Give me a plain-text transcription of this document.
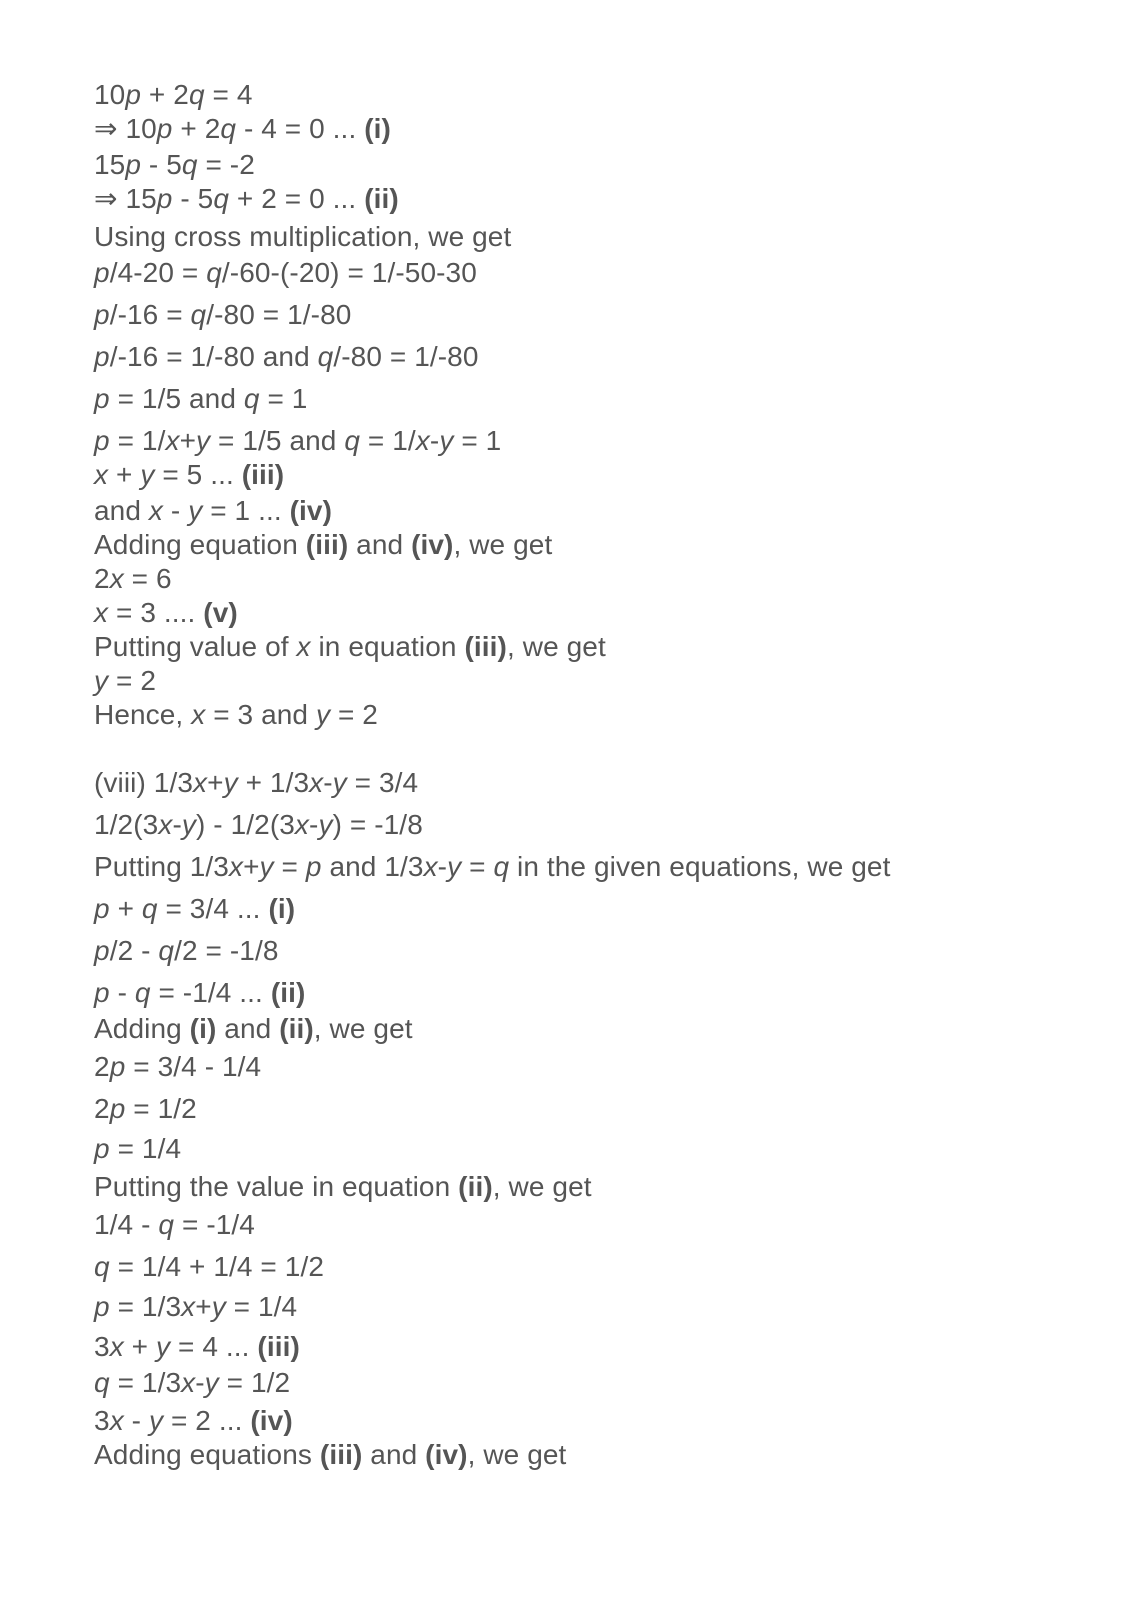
10p + 2q = 4
⇒ 10p + 2q - 4 = 0 ... (i)
15p - 5q = -2
⇒ 15p - 5q + 2 = 0 ... (ii)
Using cross multiplication, we get
p/4-20 = q/-60-(-20) = 1/-50-30
p/-16 = q/-80 = 1/-80
p/-16 = 1/-80 and q/-80 = 1/-80
p = 1/5 and q = 1
p = 1/x+y = 1/5 and q = 1/x-y = 1
x + y = 5 ... (iii)
and x - y = 1 ... (iv)
Adding equation (iii) and (iv), we get
2x = 6
x = 3 .... (v)
Putting value of x in equation (iii), we get
y = 2
Hence, x = 3 and y = 2
(viii) 1/3x+y + 1/3x-y = 3/4
1/2(3x-y) - 1/2(3x-y) = -1/8
Putting 1/3x+y = p and 1/3x-y = q in the given equations, we get
p + q = 3/4 ... (i)
p/2 - q/2 = -1/8
p - q = -1/4 ... (ii)
Adding (i) and (ii), we get
2p = 3/4 - 1/4
2p = 1/2
p = 1/4
Putting the value in equation (ii), we get
1/4 - q = -1/4
q = 1/4 + 1/4 = 1/2
p = 1/3x+y = 1/4
3x + y = 4 ... (iii)
q = 1/3x-y = 1/2
3x - y = 2 ... (iv)
Adding equations (iii) and (iv), we get
